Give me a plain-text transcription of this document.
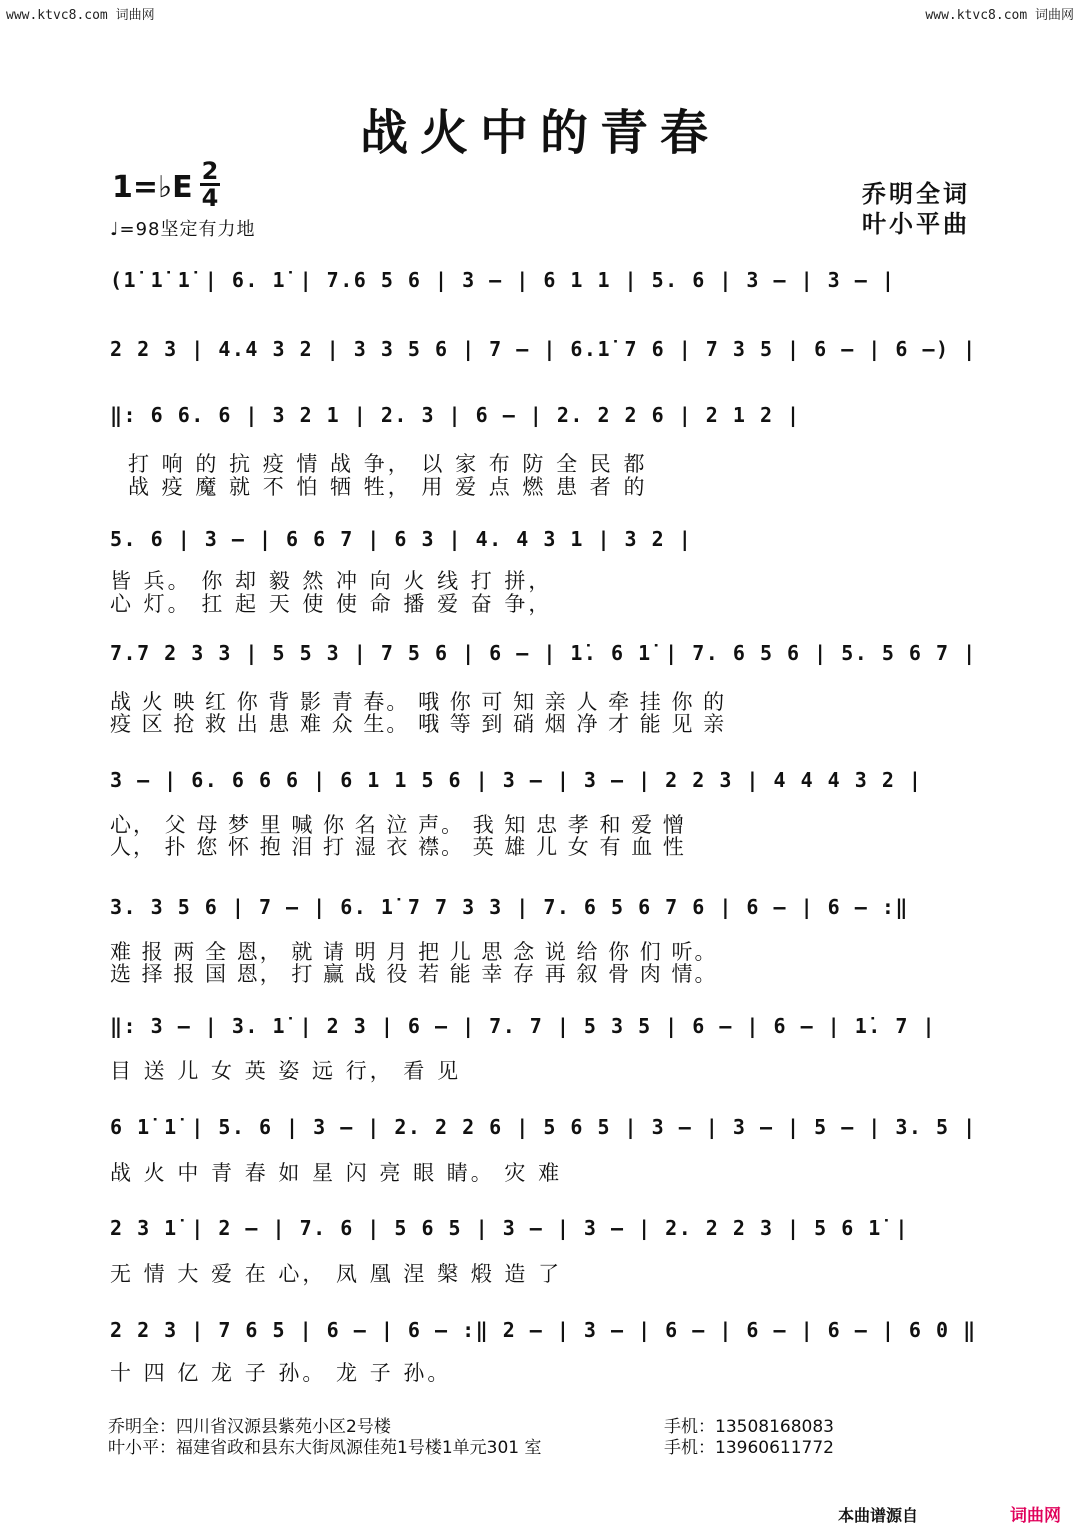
www.ktvc8.com 词曲网	www.ktvc8.com 词曲网
战火中的青春
1=♭E 2
4
♩=98坚定有力地
乔明全词
叶小平曲
(1̇ 1̇ 1̇ | 6. 1̇ | 7.6 5 6 | 3 – | 6 1 1 | 5. 6 | 3 – | 3 – |
2 2 3 | 4.4 3 2 | 3 3 5 6 | 7 – | 6.1̇ 7 6 | 7 3 5 | 6 – | 6 –) |
‖: 6 6. 6 | 3 2 1 | 2. 3 | 6 – | 2. 2 2 6 | 2 1 2 |
打 响 的 抗 疫 情 战 争， 以 家 布 防 全 民 都
战 疫 魔 就 不 怕 牺 牲， 用 爱 点 燃 患 者 的
5. 6 | 3 – | 6 6 7 | 6 3 | 4. 4 3 1 | 3 2 |
皆 兵。 你 却 毅 然 冲 向 火 线 打 拼，
心 灯。 扛 起 天 使 使 命 播 爱 奋 争，
7.7 2 3 3 | 5 5 3 | 7 5 6 | 6 – | 1̇. 6 1̇ | 7. 6 5 6 | 5. 5 6 7 |
战 火 映 红 你 背 影 青 春。 哦 你 可 知 亲 人 牵 挂 你 的
疫 区 抢 救 出 患 难 众 生。 哦 等 到 硝 烟 净 才 能 见 亲
3 – | 6. 6 6 6 | 6 1 1 5 6 | 3 – | 3 – | 2 2 3 | 4 4 4 3 2 |
心， 父 母 梦 里 喊 你 名 泣 声。 我 知 忠 孝 和 爱 憎
人， 扑 您 怀 抱 泪 打 湿 衣 襟。 英 雄 儿 女 有 血 性
3. 3 5 6 | 7 – | 6. 1̇ 7 7 3 3 | 7. 6 5 6 7 6 | 6 – | 6 – :‖
难 报 两 全 恩， 就 请 明 月 把 儿 思 念 说 给 你 们 听。
选 择 报 国 恩， 打 赢 战 役 若 能 幸 存 再 叙 骨 肉 情。
‖: 3 – | 3. 1̇ | 2 3 | 6 – | 7. 7 | 5 3 5 | 6 – | 6 – | 1̇. 7 |
目 送 儿 女 英 姿 远 行， 看 见
6 1̇ 1̇ | 5. 6 | 3 – | 2. 2 2 6 | 5 6 5 | 3 – | 3 – | 5 – | 3. 5 |
战 火 中 青 春 如 星 闪 亮 眼 睛。 灾 难
2 3 1̇ | 2 – | 7. 6 | 5 6 5 | 3 – | 3 – | 2. 2 2 3 | 5 6 1̇ |
无 情 大 爱 在 心， 凤 凰 涅 槃 煅 造 了
2 2 3 | 7 6 5 | 6 – | 6 – :‖ 2 – | 3 – | 6 – | 6 – | 6 – | 6 0 ‖
十 四 亿 龙 子 孙。 龙 子 孙。
乔明全：四川省汉源县紫苑小区2号楼	手机：13508168083
叶小平：福建省政和县东大街凤源佳苑1号楼1单元301 室	手机：13960611772
本曲谱源自	词曲网
